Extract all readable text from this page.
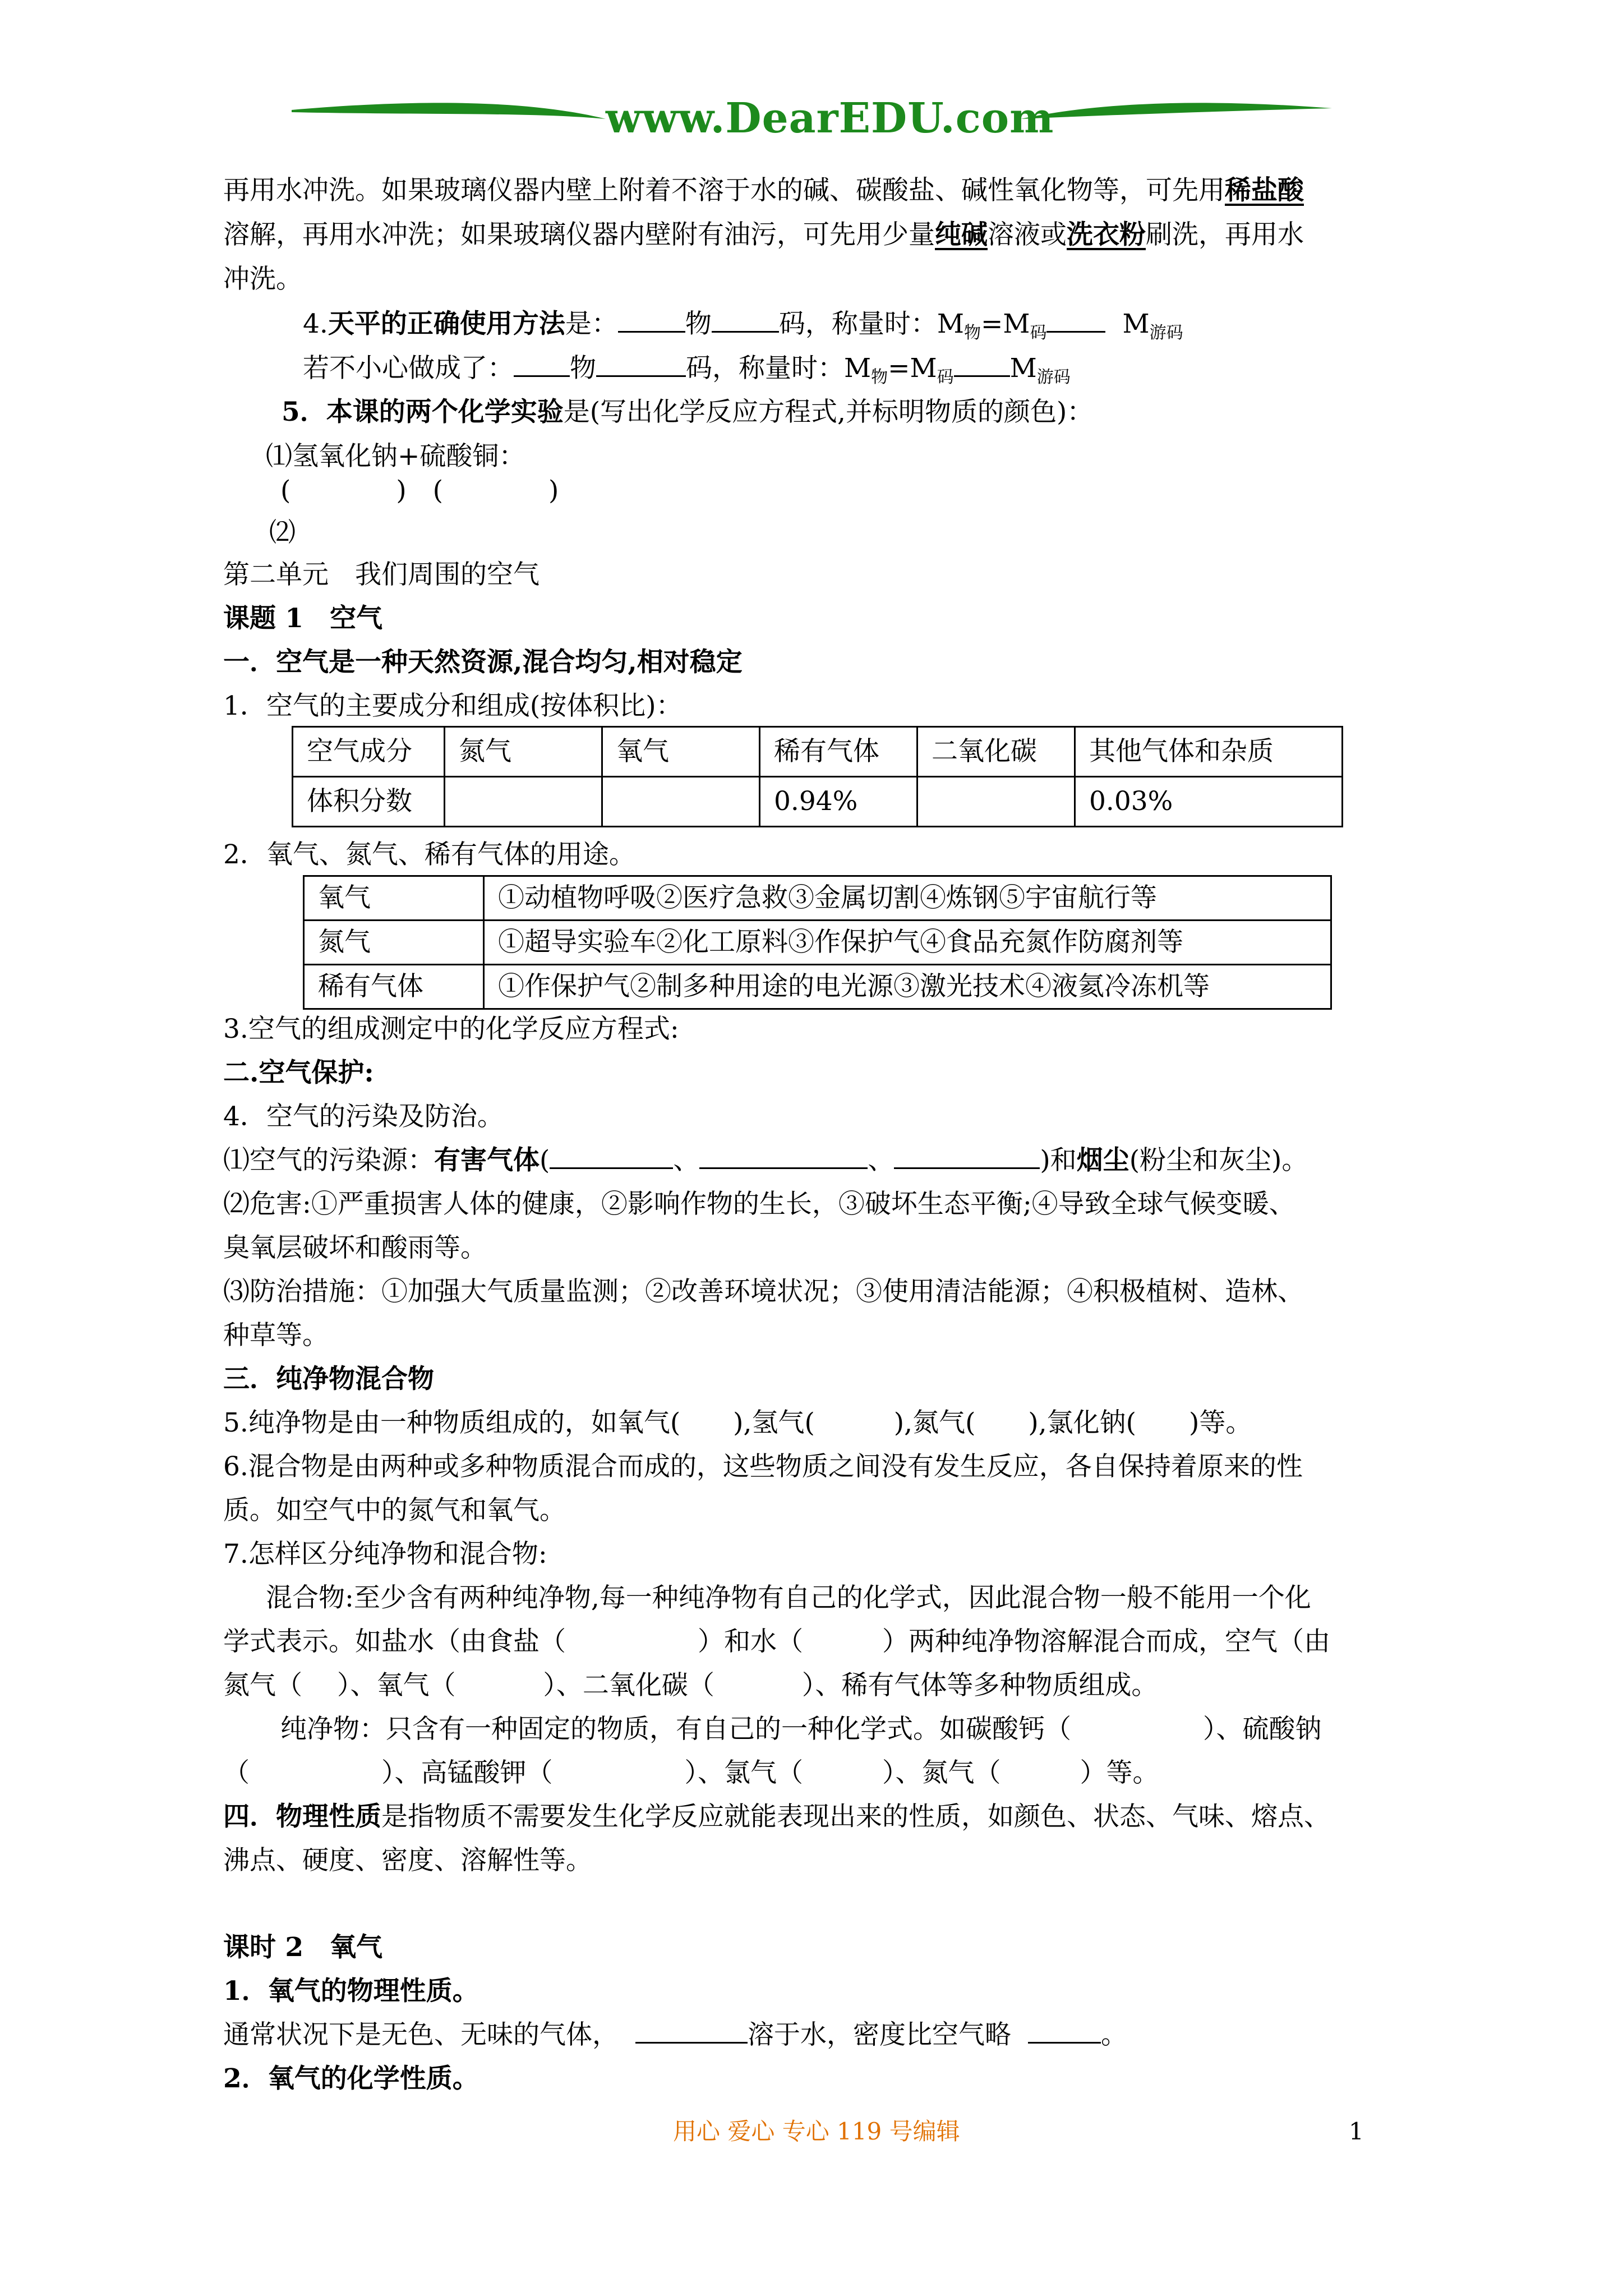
www.DearEDU.com
再用水冲洗。如果玻璃仪器内壁上附着不溶于水的碱、碳酸盐、碱性氧化物等，可先用稀盐酸
溶解，再用水冲洗；如果玻璃仪器内壁附有油污，可先用少量纯碱溶液或洗衣粉刷洗，再用水
冲洗。
4.天平的正确使用方法是：	物	码，称量时：$M_物=M_码$	$M_{游码}$
若不小心做成了： 物	码，称量时：$M_物=M_码$ $M_{游码}$
5．本课的两个化学实验是(写出化学反应方程式,并标明物质的颜色)：
⑴氢氧化钠+硫酸铜：
(　　　　)　(　　　　)
⑵
第二单元　我们周围的空气
课题 1　空气
一．空气是一种天然资源,混合均匀,相对稳定
1．空气的主要成分和组成(按体积比)：
空气成分	氮气	氧气	稀有气体	二氧化碳	其他气体和杂质
体积分数			0.94%		0.03%
2．氧气、氮气、稀有气体的用途。
氧气	①动植物呼吸②医疗急救③金属切割④炼钢⑤宇宙航行等
氮气	①超导实验车②化工原料③作保护气④食品充氮作防腐剂等
稀有气体	①作保护气②制多种用途的电光源③激光技术④液氦冷冻机等
3.空气的组成测定中的化学反应方程式:
二.空气保护:
4．空气的污染及防治。
⑴空气的污染源：有害气体(	、	、	)和烟尘(粉尘和灰尘)。
⑵危害:①严重损害人体的健康，②影响作物的生长，③破坏生态平衡;④导致全球气候变暖、
臭氧层破坏和酸雨等。
⑶防治措施：①加强大气质量监测；②改善环境状况；③使用清洁能源；④积极植树、造林、
种草等。
三．纯净物混合物
5.纯净物是由一种物质组成的，如氧气(　　),氢气(　　　),氮气(　　),氯化钠(　　)等。
6.混合物是由两种或多种物质混合而成的，这些物质之间没有发生反应，各自保持着原来的性
质。如空气中的氮气和氧气。
7.怎样区分纯净物和混合物:
混合物:至少含有两种纯净物,每一种纯净物有自己的化学式，因此混合物一般不能用一个化
学式表示。如盐水（由食盐（　　　　　）和水（　　　）两种纯净物溶解混合而成，空气（由
氮气（　 ）、氧气（　　　 ）、二氧化碳（　　　 ）、稀有气体等多种物质组成。
纯净物：只含有一种固定的物质，有自己的一种化学式。如碳酸钙（　　　　　）、硫酸钠
（　　　　　）、高锰酸钾（　　　　　）、氯气（　　　）、氮气（　　　）等。
四．物理性质是指物质不需要发生化学反应就能表现出来的性质，如颜色、状态、气味、熔点、
沸点、硬度、密度、溶解性等。
课时 2　氧气
1．氧气的物理性质。
通常状况下是无色、无味的气体，	溶于水，密度比空气略	。
2．氧气的化学性质。
用心 爱心 专心 119 号编辑	1
